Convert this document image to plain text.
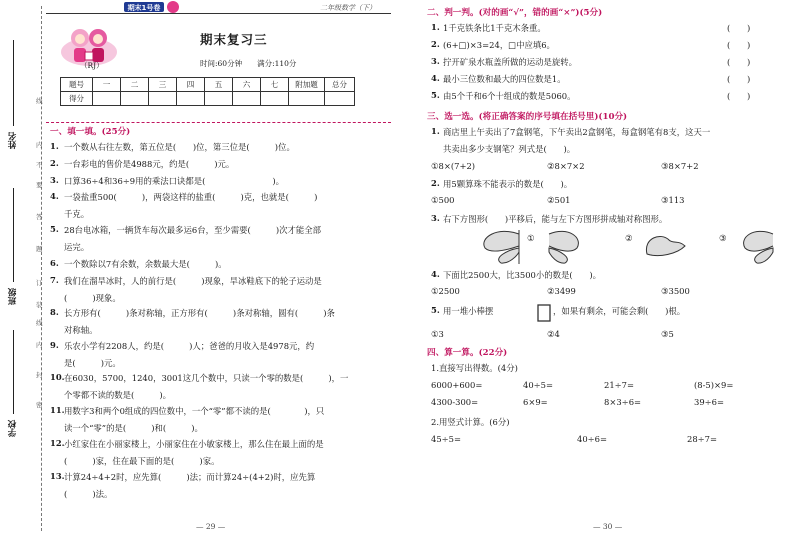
姓名
班级
学校
线
内
不
要
答
题
订
装
线
内
封
密
期末1号卷	二年级数学（下）
期末复习三
（RJ）	时间:60分钟　　满分:110分
题号	一	二	三	四	五	六	七	附加题	总分
得分									
一、填一填。(25分)
1. 一个数从右往左数，第五位是(　　)位，第三位是(　　　)位。
2. 一台彩电的售价是4988元，约是(　　　)元。
3. 口算36÷4和36÷9用的乘法口诀都是(　　　　　　　　)。
4. 一袋盐重500(　　　)，两袋这样的盐重(　　　)克，也就是(　　　)
千克。
5. 28台电冰箱，一辆货车每次最多运6台，至少需要(　　　)次才能全部
运完。
6. 一个数除以7有余数，余数最大是(　　　)。
7. 我们在溜旱冰时，人的前行是(　　　)现象，旱冰鞋底下的轮子运动是
(　　　)现象。
8. 长方形有(　　　)条对称轴，正方形有(　　　)条对称轴，圆有(　　　)条
对称轴。
9. 乐农小学有2208人，约是(　　　)人；爸爸的月收入是4978元，约
是(　　　)元。
10. 在6030，5700，1240，3001这几个数中，只读一个零的数是(　　　)，一
个零都不读的数是(　　　)。
11. 用数字3和两个0组成的四位数中，一个“零”都不读的是(　　　　)，只
读一个“零”的是(　　　)和(　　　)。
12. 小红家住在小丽家楼上，小丽家住在小敏家楼上，那么住在最上面的是
(　　　)家，住在最下面的是(　　　)家。
13. 计算24÷4+2时，应先算(　　　)法；而计算24÷(4+2)时，应先算
(　　　)法。
— 29 —
二、判一判。(对的画“√”，错的画“×”)(5分)
1. 1千克铁条比1千克木条重。	(　　)
2. (6+□)×3=24，□中应填6。	(　　)
3. 拧开矿泉水瓶盖所做的运动是旋转。	(　　)
4. 最小三位数和最大的四位数是1。	(　　)
5. 由5个千和6个十组成的数是5060。	(　　)
三、选一选。(将正确答案的序号填在括号里)(10分)
1. 商店里上午卖出了7盒钢笔，下午卖出2盒钢笔，每盒钢笔有8支，这天一
共卖出多少支钢笔？列式是(　　)。
①8×(7+2)	②8×7×2	③8×7+2
2. 用5颗算珠不能表示的数是(　　)。
①500	②501	③113
3. 右下方图形(　　)平移后，能与左下方图形拼成轴对称图形。
①	②	③
4. 下面比2500大，比3500小的数是(　　)。
①2500	②3499	③3500
5. 用一堆小棒摆	，如果有剩余，可能会剩(　　)根。
①3	②4	③5
四、算一算。(22分)
1.直接写出得数。(4分)
6000+600=	40÷5=	21÷7=	(8-5)×9=
4300-300=	6×9=	8×3÷6=	39÷6=
2.用竖式计算。(6分)
45÷5=	40÷6=	28÷7=
— 30 —
